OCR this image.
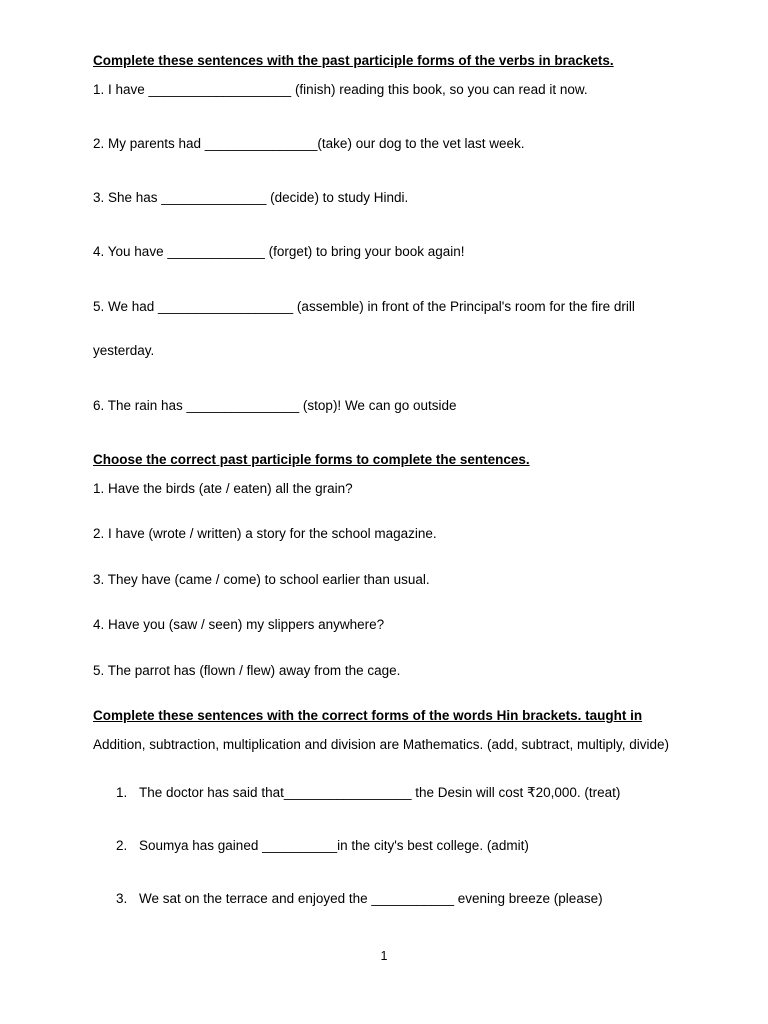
Complete these sentences with the past participle forms of the verbs in brackets.
1. I have ___________________ (finish) reading this book, so you can read it now.
2. My parents had _______________(take) our dog to the vet last week.
3. She has ______________ (decide) to study Hindi.
4. You have _____________ (forget) to bring your book again!
5. We had __________________ (assemble) in front of the Principal's room for the fire drill
yesterday.
6. The rain has _______________ (stop)! We can go outside
Choose the correct past participle forms to complete the sentences.
1. Have the birds (ate / eaten) all the grain?
2. I have (wrote / written) a story for the school magazine.
3. They have (came / come) to school earlier than usual.
4. Have you (saw / seen) my slippers anywhere?
5. The parrot has (flown / flew) away from the cage.
Complete these sentences with the correct forms of the words Hin brackets. taught in
Addition, subtraction, multiplication and division are Mathematics. (add, subtract, multiply, divide)
1. The doctor has said that_________________ the Desin will cost ₹20,000. (treat)
2. Soumya has gained __________in the city's best college. (admit)
3. We sat on the terrace and enjoyed the ___________ evening breeze (please)
1
